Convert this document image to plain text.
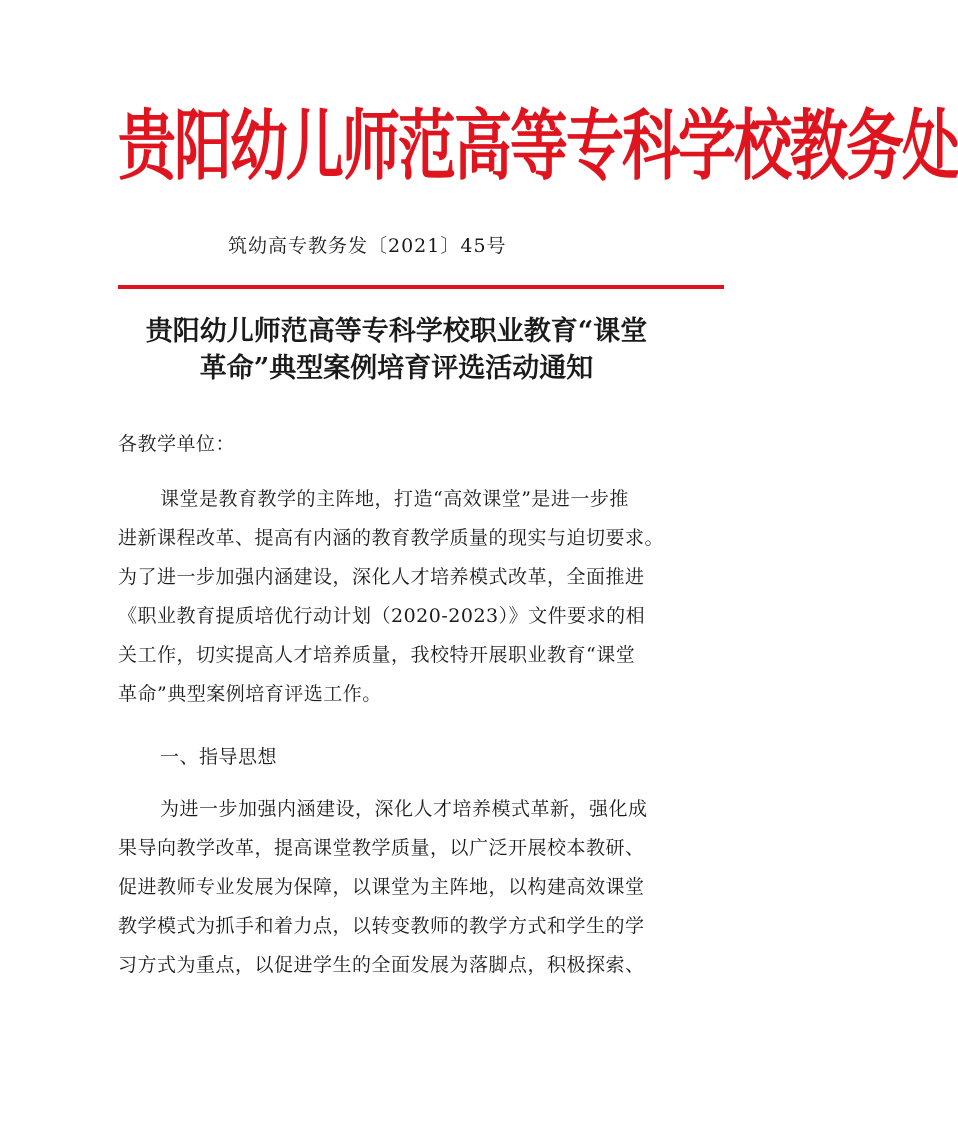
贵阳幼儿师范高等专科学校教务处
筑幼高专教务发〔2021〕45号
贵阳幼儿师范高等专科学校职业教育“课堂
革命”典型案例培育评选活动通知
各教学单位：
课堂是教育教学的主阵地，打造“高效课堂”是进一步推
进新课程改革、提高有内涵的教育教学质量的现实与迫切要求。
为了进一步加强内涵建设，深化人才培养模式改革，全面推进
《职业教育提质培优行动计划（2020-2023）》文件要求的相
关工作，切实提高人才培养质量，我校特开展职业教育“课堂
革命”典型案例培育评选工作。
一、指导思想
为进一步加强内涵建设，深化人才培养模式革新，强化成
果导向教学改革，提高课堂教学质量，以广泛开展校本教研、
促进教师专业发展为保障，以课堂为主阵地，以构建高效课堂
教学模式为抓手和着力点，以转变教师的教学方式和学生的学
习方式为重点，以促进学生的全面发展为落脚点，积极探索、
